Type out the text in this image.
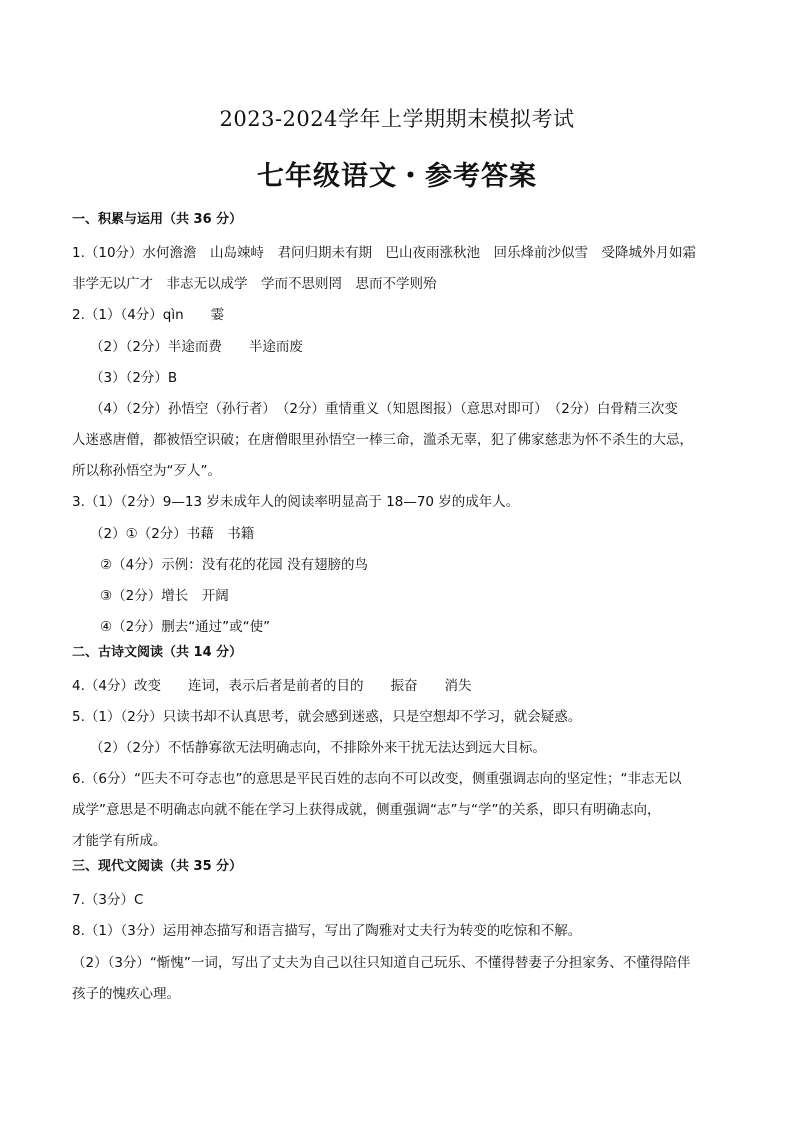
2023-2024学年上学期期末模拟考试
七年级语文・参考答案
一、积累与运用（共 36 分）
1.（10分）水何澹澹　山岛竦峙　君问归期未有期　巴山夜雨涨秋池　回乐烽前沙似雪　受降城外月如霜
非学无以广才　非志无以成学　学而不思则罔　思而不学则殆
2.（1）（4分）qìn　　霎
（2）（2分）半途而费　　半途而废
（3）（2分）B
（4）（2分）孙悟空（孙行者）　（2分）重情重义（知恩图报）（意思对即可）　（2分）白骨精三次变
人迷惑唐僧，都被悟空识破；在唐僧眼里孙悟空一棒三命，滥杀无辜，犯了佛家慈悲为怀不杀生的大忌，
所以称孙悟空为“歹人”。
3.（1）（2分）9—13 岁未成年人的阅读率明显高于 18—70 岁的成年人。
（2）①（2分）书藉　书籍
②（4分）示例：没有花的花园 没有翅膀的鸟
③（2分）增长　开阔
④（2分）删去“通过”或“使”
二、古诗文阅读（共 14 分）
4.（4分）改变　　连词，表示后者是前者的目的　　振奋　　消失
5.（1）（2分）只读书却不认真思考，就会感到迷惑，只是空想却不学习，就会疑惑。
（2）（2分）不恬静寡欲无法明确志向，不排除外来干扰无法达到远大目标。
6.（6分）“匹夫不可夺志也”的意思是平民百姓的志向不可以改变，侧重强调志向的坚定性；“非志无以
成学”意思是不明确志向就不能在学习上获得成就，侧重强调“志”与“学”的关系，即只有明确志向，
才能学有所成。
三、现代文阅读（共 35 分）
7.（3分）C
8.（1）（3分）运用神态描写和语言描写，写出了陶雅对丈夫行为转变的吃惊和不解。
（2）（3分）“惭愧”一词，写出了丈夫为自己以往只知道自己玩乐、不懂得替妻子分担家务、不懂得陪伴
孩子的愧疚心理。
